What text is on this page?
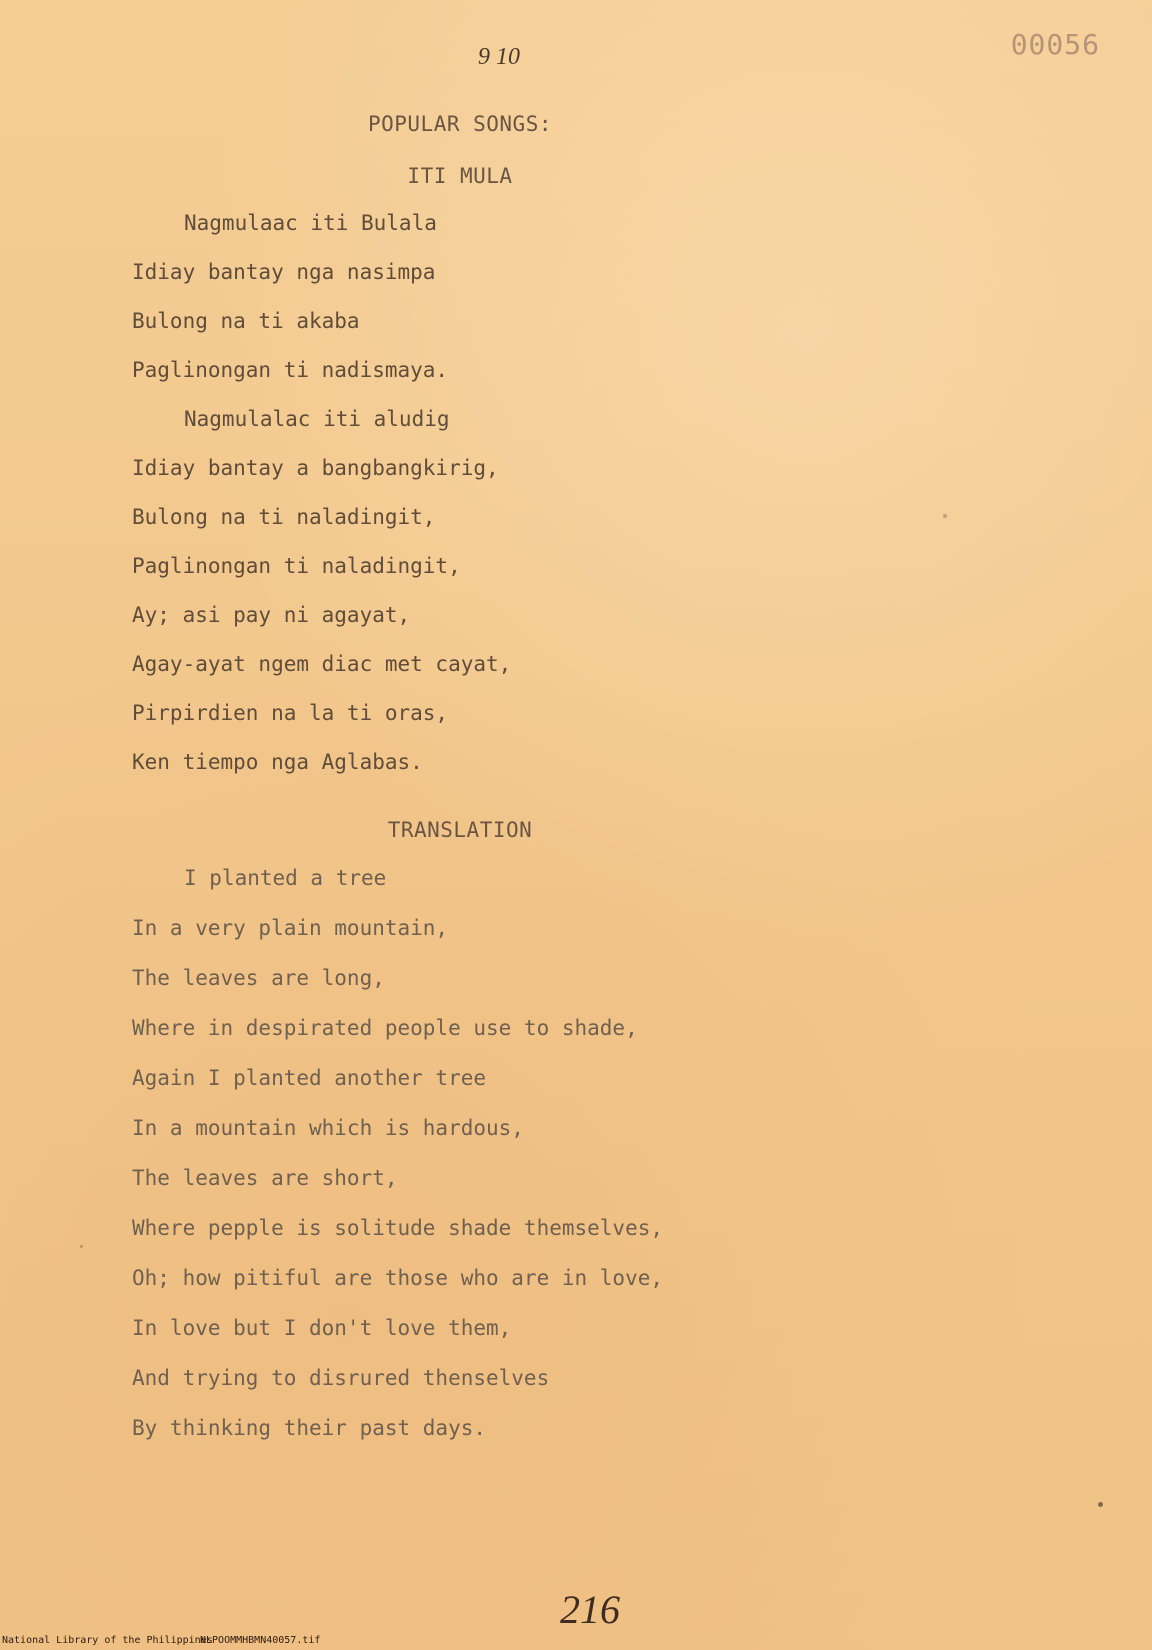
00056
9 10
POPULAR SONGS:
ITI MULA
Nagmulaac iti Bulala
Idiay bantay nga nasimpa
Bulong na ti akaba
Paglinongan ti nadismaya.
Nagmulalac iti aludig
Idiay bantay a bangbangkirig,
Bulong na ti naladingit,
Paglinongan ti naladingit,
Ay; asi pay ni agayat,
Agay-ayat ngem diac met cayat,
Pirpirdien na la ti oras,
Ken tiempo nga Aglabas.
TRANSLATION
I planted a tree
In a very plain mountain,
The leaves are long,
Where in despirated people use to shade,
Again I planted another tree
In a mountain which is hardous,
The leaves are short,
Where pepple is solitude shade themselves,
Oh; how pitiful are those who are in love,
In love but I don't love them,
And trying to disrured thenselves
By thinking their past days.
216
National Library of the Philippines
NLPOOMMHBMN40057.tif
